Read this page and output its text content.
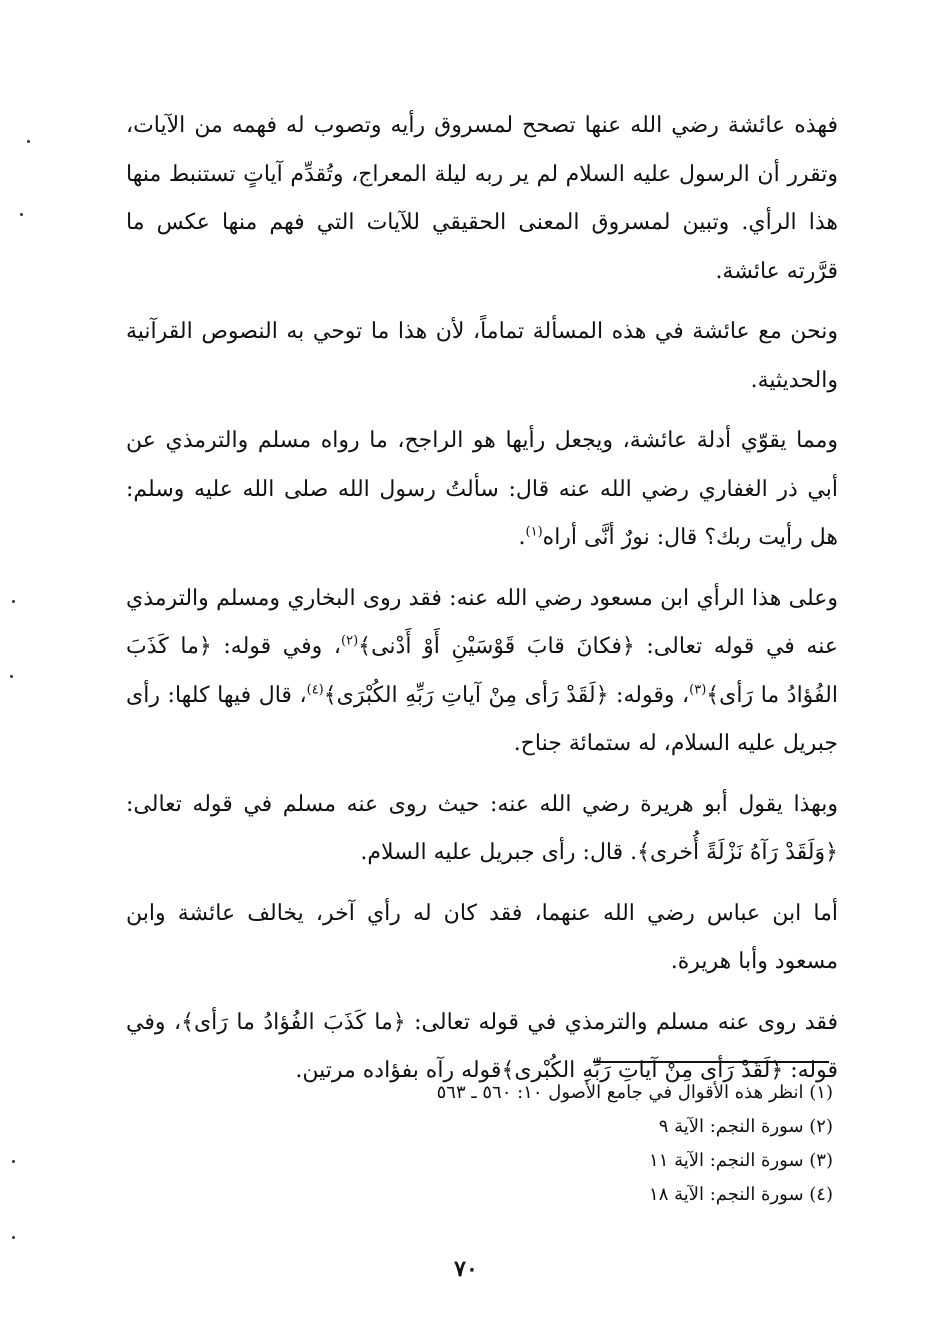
فهذه عائشة رضي الله عنها تصحح لمسروق رأيه وتصوب له فهمه من الآيات، وتقرر أن الرسول عليه السلام لم ير ربه ليلة المعراج، وتُقدِّم آياتٍ تستنبط منها هذا الرأي. وتبين لمسروق المعنى الحقيقي للآيات التي فهم منها عكس ما قرَّرته عائشة.

ونحن مع عائشة في هذه المسألة تماماً، لأن هذا ما توحي به النصوص القرآنية والحديثية.

ومما يقوّي أدلة عائشة، ويجعل رأيها هو الراجح، ما رواه مسلم والترمذي عن أبي ذر الغفاري رضي الله عنه قال: سألتُ رسول الله صلى الله عليه وسلم: هل رأيت ربك؟ قال: نورٌ أنَّى أراه$^{(١)}$.

وعلى هذا الرأي ابن مسعود رضي الله عنه: فقد روى البخاري ومسلم والترمذي عنه في قوله تعالى: ﴿فكانَ قابَ قَوْسَيْنِ أَوْ أَدْنى﴾$^{(٢)}$، وفي قوله: ﴿ما كَذَبَ الفُؤادُ ما رَأى﴾$^{(٣)}$، وقوله: ﴿لَقَدْ رَأى مِنْ آياتِ رَبِّهِ الكُبْرَى﴾$^{(٤)}$، قال فيها كلها: رأى جبريل عليه السلام، له ستمائة جناح.

وبهذا يقول أبو هريرة رضي الله عنه: حيث روى عنه مسلم في قوله تعالى: ﴿وَلَقَدْ رَآهُ نَزْلَةً أُخرى﴾. قال: رأى جبريل عليه السلام.

أما ابن عباس رضي الله عنهما، فقد كان له رأي آخر، يخالف عائشة وابن مسعود وأبا هريرة.

فقد روى عنه مسلم والترمذي في قوله تعالى: ﴿ما كَذَبَ الفُؤادُ ما رَأى﴾، وفي قوله: ﴿لَقَدْ رَأى مِنْ آياتِ رَبِّهِ الكُبْرى﴾قوله رآه بفؤاده مرتين.

(١) انظر هذه الأقوال في جامع الأصول ١٠: ٥٦٠ ـ ٥٦٣

(٢) سورة النجم: الآية ٩

(٣) سورة النجم: الآية ١١

(٤) سورة النجم: الآية ١٨

٧٠
